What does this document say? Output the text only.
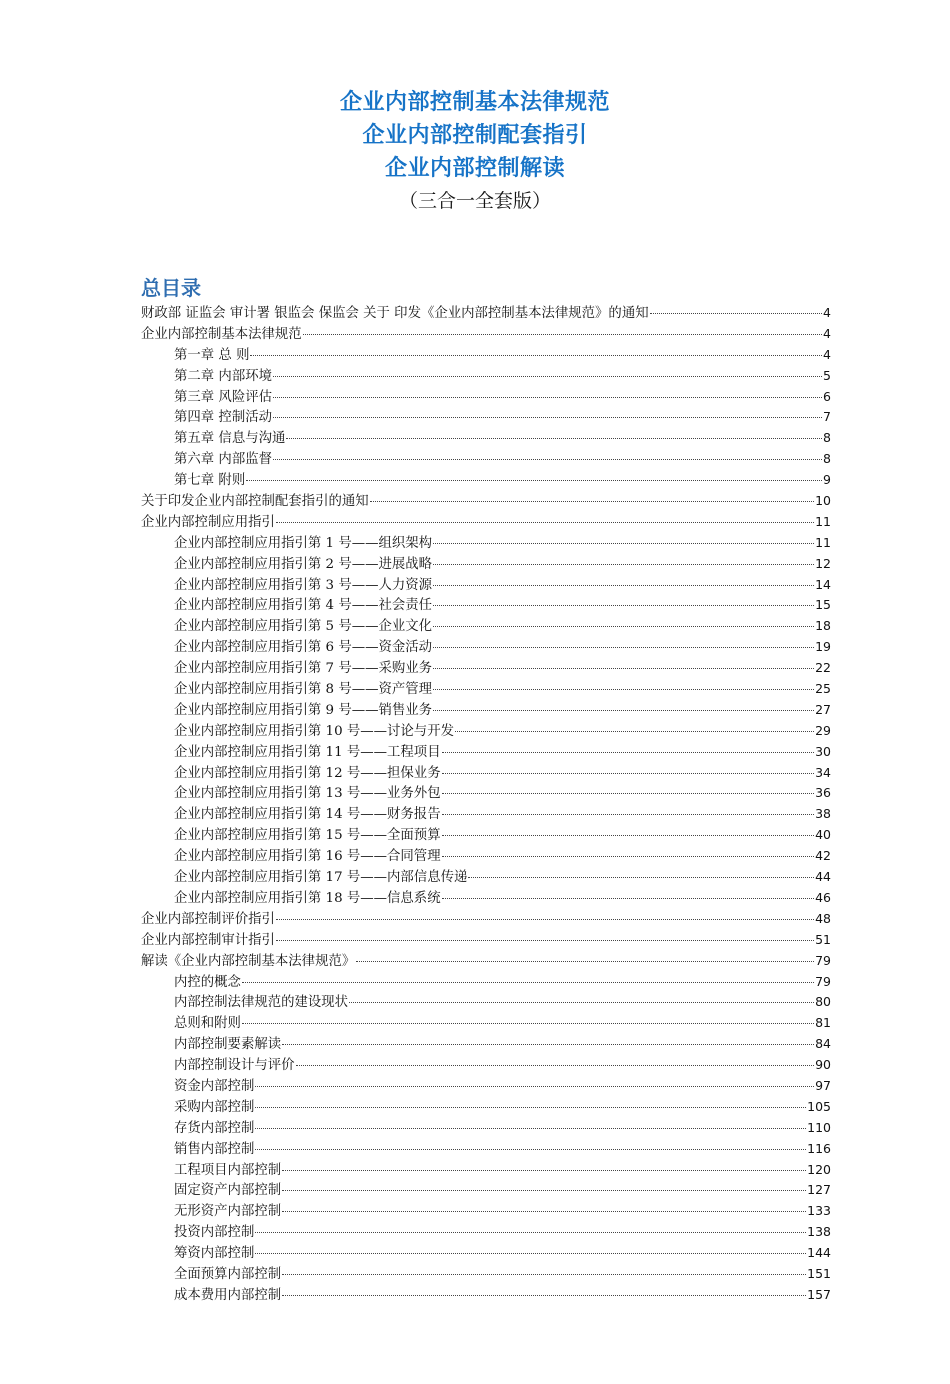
企业内部控制基本法律规范
企业内部控制配套指引
企业内部控制解读
（三合一全套版）
总目录
财政部 证监会 审计署 银监会 保监会 关于 印发《企业内部控制基本法律规范》的通知	4
企业内部控制基本法律规范	4
第一章 总 则	4
第二章 内部环境	5
第三章 风险评估	6
第四章 控制活动	7
第五章 信息与沟通	8
第六章 内部监督	8
第七章 附则	9
关于印发企业内部控制配套指引的通知	10
企业内部控制应用指引	11
企业内部控制应用指引第 1 号——组织架构	11
企业内部控制应用指引第 2 号——进展战略	12
企业内部控制应用指引第 3 号——人力资源	14
企业内部控制应用指引第 4 号——社会责任	15
企业内部控制应用指引第 5 号——企业文化	18
企业内部控制应用指引第 6 号——资金活动	19
企业内部控制应用指引第 7 号——采购业务	22
企业内部控制应用指引第 8 号——资产管理	25
企业内部控制应用指引第 9 号——销售业务	27
企业内部控制应用指引第 10 号——讨论与开发	29
企业内部控制应用指引第 11 号——工程项目	30
企业内部控制应用指引第 12 号——担保业务	34
企业内部控制应用指引第 13 号——业务外包	36
企业内部控制应用指引第 14 号——财务报告	38
企业内部控制应用指引第 15 号——全面预算	40
企业内部控制应用指引第 16 号——合同管理	42
企业内部控制应用指引第 17 号——内部信息传递	44
企业内部控制应用指引第 18 号——信息系统	46
企业内部控制评价指引	48
企业内部控制审计指引	51
解读《企业内部控制基本法律规范》	79
内控的概念	79
内部控制法律规范的建设现状	80
总则和附则	81
内部控制要素解读	84
内部控制设计与评价	90
资金内部控制	97
采购内部控制	105
存货内部控制	110
销售内部控制	116
工程项目内部控制	120
固定资产内部控制	127
无形资产内部控制	133
投资内部控制	138
筹资内部控制	144
全面预算内部控制	151
成本费用内部控制	157
